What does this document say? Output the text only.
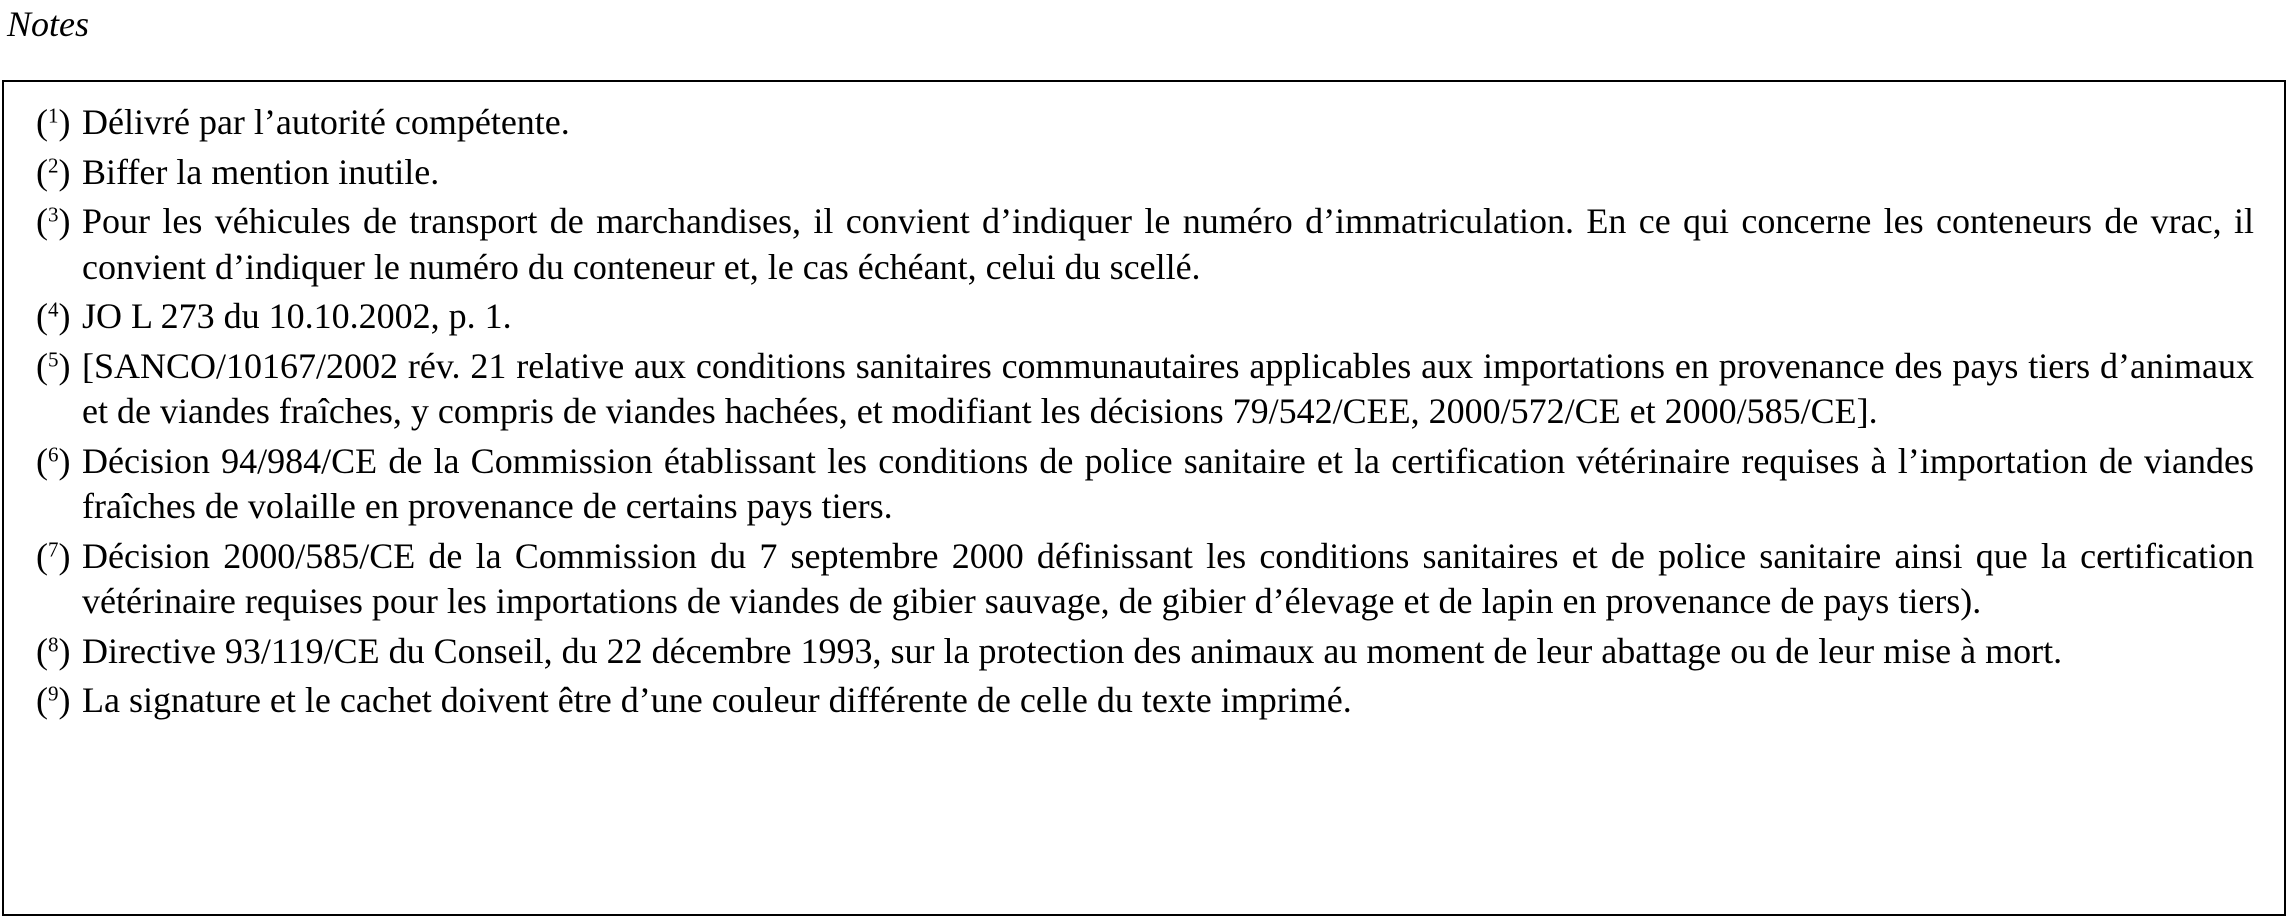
Notes
($^1$) Délivré par l’autorité compétente.
($^2$) Biffer la mention inutile.
($^3$) Pour les véhicules de transport de marchandises, il convient d’indiquer le numéro d’immatriculation. En ce qui concerne les conteneurs de vrac, il convient d’indiquer le numéro du conteneur et, le cas échéant, celui du scellé.
($^4$) JO L 273 du 10.10.2002, p. 1.
($^5$) [SANCO/10167/2002 rév. 21 relative aux conditions sanitaires communautaires applicables aux importations en provenance des pays tiers d’animaux et de viandes fraîches, y compris de viandes hachées, et modifiant les décisions 79/542/CEE, 2000/572/CE et 2000/585/CE].
($^6$) Décision 94/984/CE de la Commission établissant les conditions de police sanitaire et la certification vétérinaire requises à l’importation de viandes fraîches de volaille en provenance de certains pays tiers.
($^7$) Décision 2000/585/CE de la Commission du 7 septembre 2000 définissant les conditions sanitaires et de police sanitaire ainsi que la certification vétérinaire requises pour les importations de viandes de gibier sauvage, de gibier d’élevage et de lapin en provenance de pays tiers).
($^8$) Directive 93/119/CE du Conseil, du 22 décembre 1993, sur la protection des animaux au moment de leur abattage ou de leur mise à mort.
($^9$) La signature et le cachet doivent être d’une couleur différente de celle du texte imprimé.
